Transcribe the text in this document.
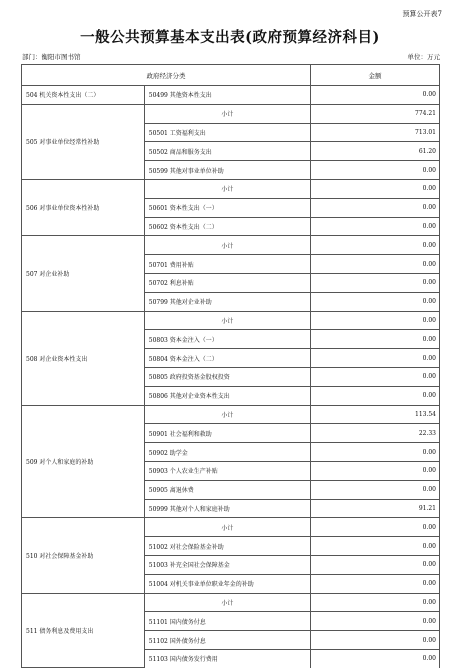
预算公开表7
一般公共预算基本支出表(政府预算经济科目)
部门：衡阳市图书馆	单位：万元
政府经济分类		金额
504 机关资本性支出（二）	50499 其他资本性支出	0.00
505 对事业单位经常性补助	小计	774.21
	50501 工资福利支出	713.01
	50502 商品和服务支出	61.20
	50599 其他对事业单位补助	0.00
506 对事业单位资本性补助	小计	0.00
	50601 资本性支出（一）	0.00
	50602 资本性支出（二）	0.00
507 对企业补助	小计	0.00
	50701 费用补贴	0.00
	50702 利息补贴	0.00
	50799 其他对企业补助	0.00
508 对企业资本性支出	小计	0.00
	50803 资本金注入（一）	0.00
	50804 资本金注入（二）	0.00
	50805 政府投资基金股权投资	0.00
	50806 其他对企业资本性支出	0.00
509 对个人和家庭的补助	小计	113.54
	50901 社会福利和救助	22.33
	50902 助学金	0.00
	50903 个人农业生产补贴	0.00
	50905 离退休费	0.00
	50999 其他对个人和家庭补助	91.21
510 对社会保障基金补助	小计	0.00
	51002 对社会保险基金补助	0.00
	51003 补充全国社会保障基金	0.00
	51004 对机关事业单位职业年金的补助	0.00
511 债务利息及费用支出	小计	0.00
	51101 国内债务付息	0.00
	51102 国外债务付息	0.00
	51103 国内债务发行费用	0.00
